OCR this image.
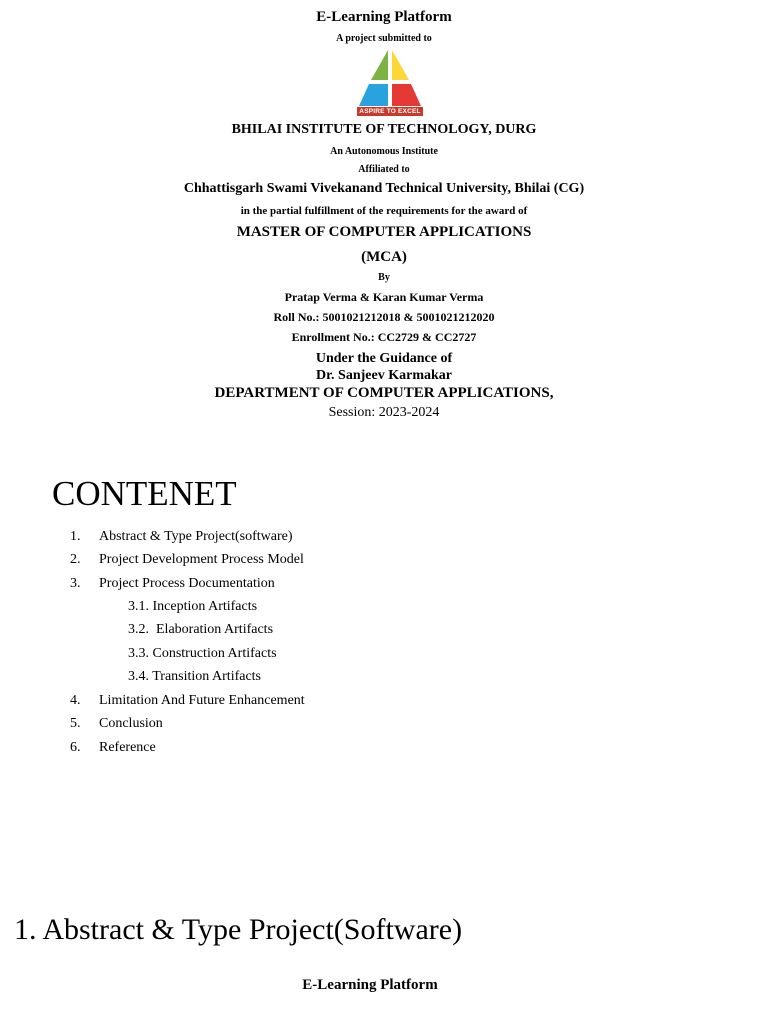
E-Learning Platform
A project submitted to
ASPIRE TO EXCEL
BHILAI INSTITUTE OF TECHNOLOGY, DURG
An Autonomous Institute
Affiliated to
Chhattisgarh Swami Vivekanand Technical University, Bhilai (CG)
in the partial fulfillment of the requirements for the award of
MASTER OF COMPUTER APPLICATIONS
(MCA)
By
Pratap Verma & Karan Kumar Verma
Roll No.: 5001021212018 & 5001021212020
Enrollment No.: CC2729 & CC2727
Under the Guidance of
Dr. Sanjeev Karmakar
DEPARTMENT OF COMPUTER APPLICATIONS,
Session: 2023-2024
CONTENET
1. Abstract & Type Project(software)
2. Project Development Process Model
3. Project Process Documentation
3.1. Inception Artifacts
3.2.  Elaboration Artifacts
3.3. Construction Artifacts
3.4. Transition Artifacts
4. Limitation And Future Enhancement
5. Conclusion
6. Reference
1. Abstract & Type Project(Software)
E-Learning Platform
